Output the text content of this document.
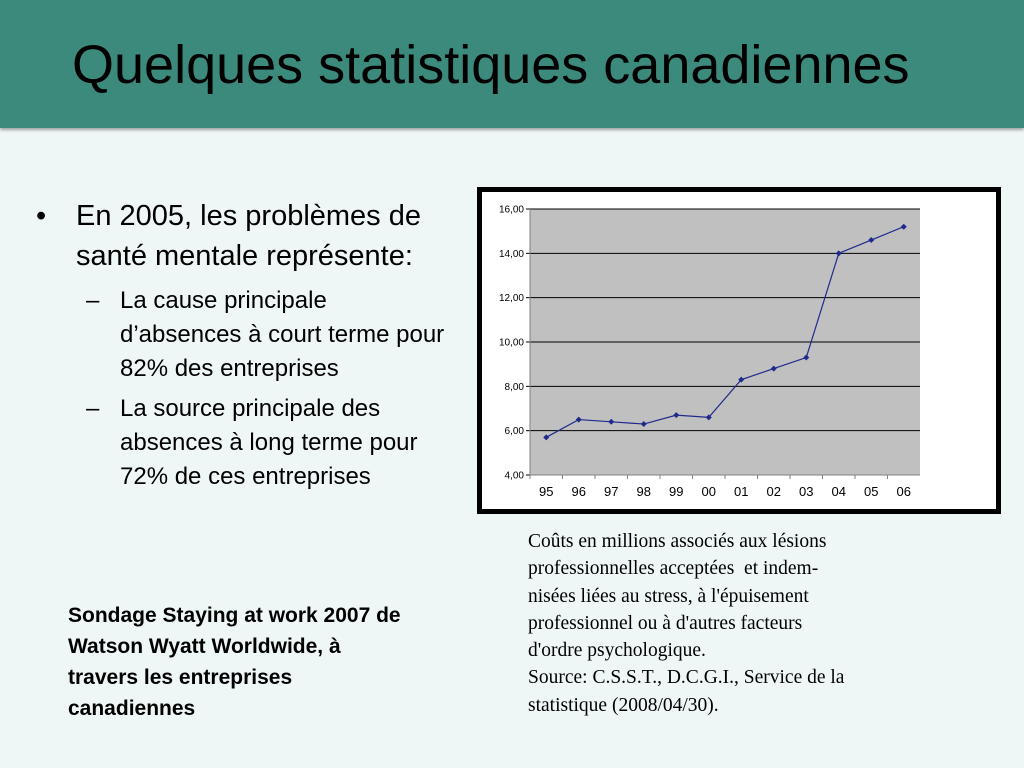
Quelques statistiques canadiennes
•	En 2005, les problèmes de santé mentale représente:
– La cause principale d’absences à court terme pour 82% des entreprises
– La source principale des absences à long terme pour  72% de ces entreprises
Sondage Staying at work 2007 de Watson Wyatt Worldwide, à travers les entreprises canadiennes
4,00
6,00
8,00
10,00
12,00
14,00
16,00
95 96 97 98 99 00 01 02 03 04 05 06
Coûts en millions associés aux lésions
professionnelles acceptées  et indem-
nisées liées au stress, à l'épuisement
professionnel ou à d'autres facteurs
d'ordre psychologique.
Source: C.S.S.T., D.C.G.I., Service de la
statistique (2008/04/30).
